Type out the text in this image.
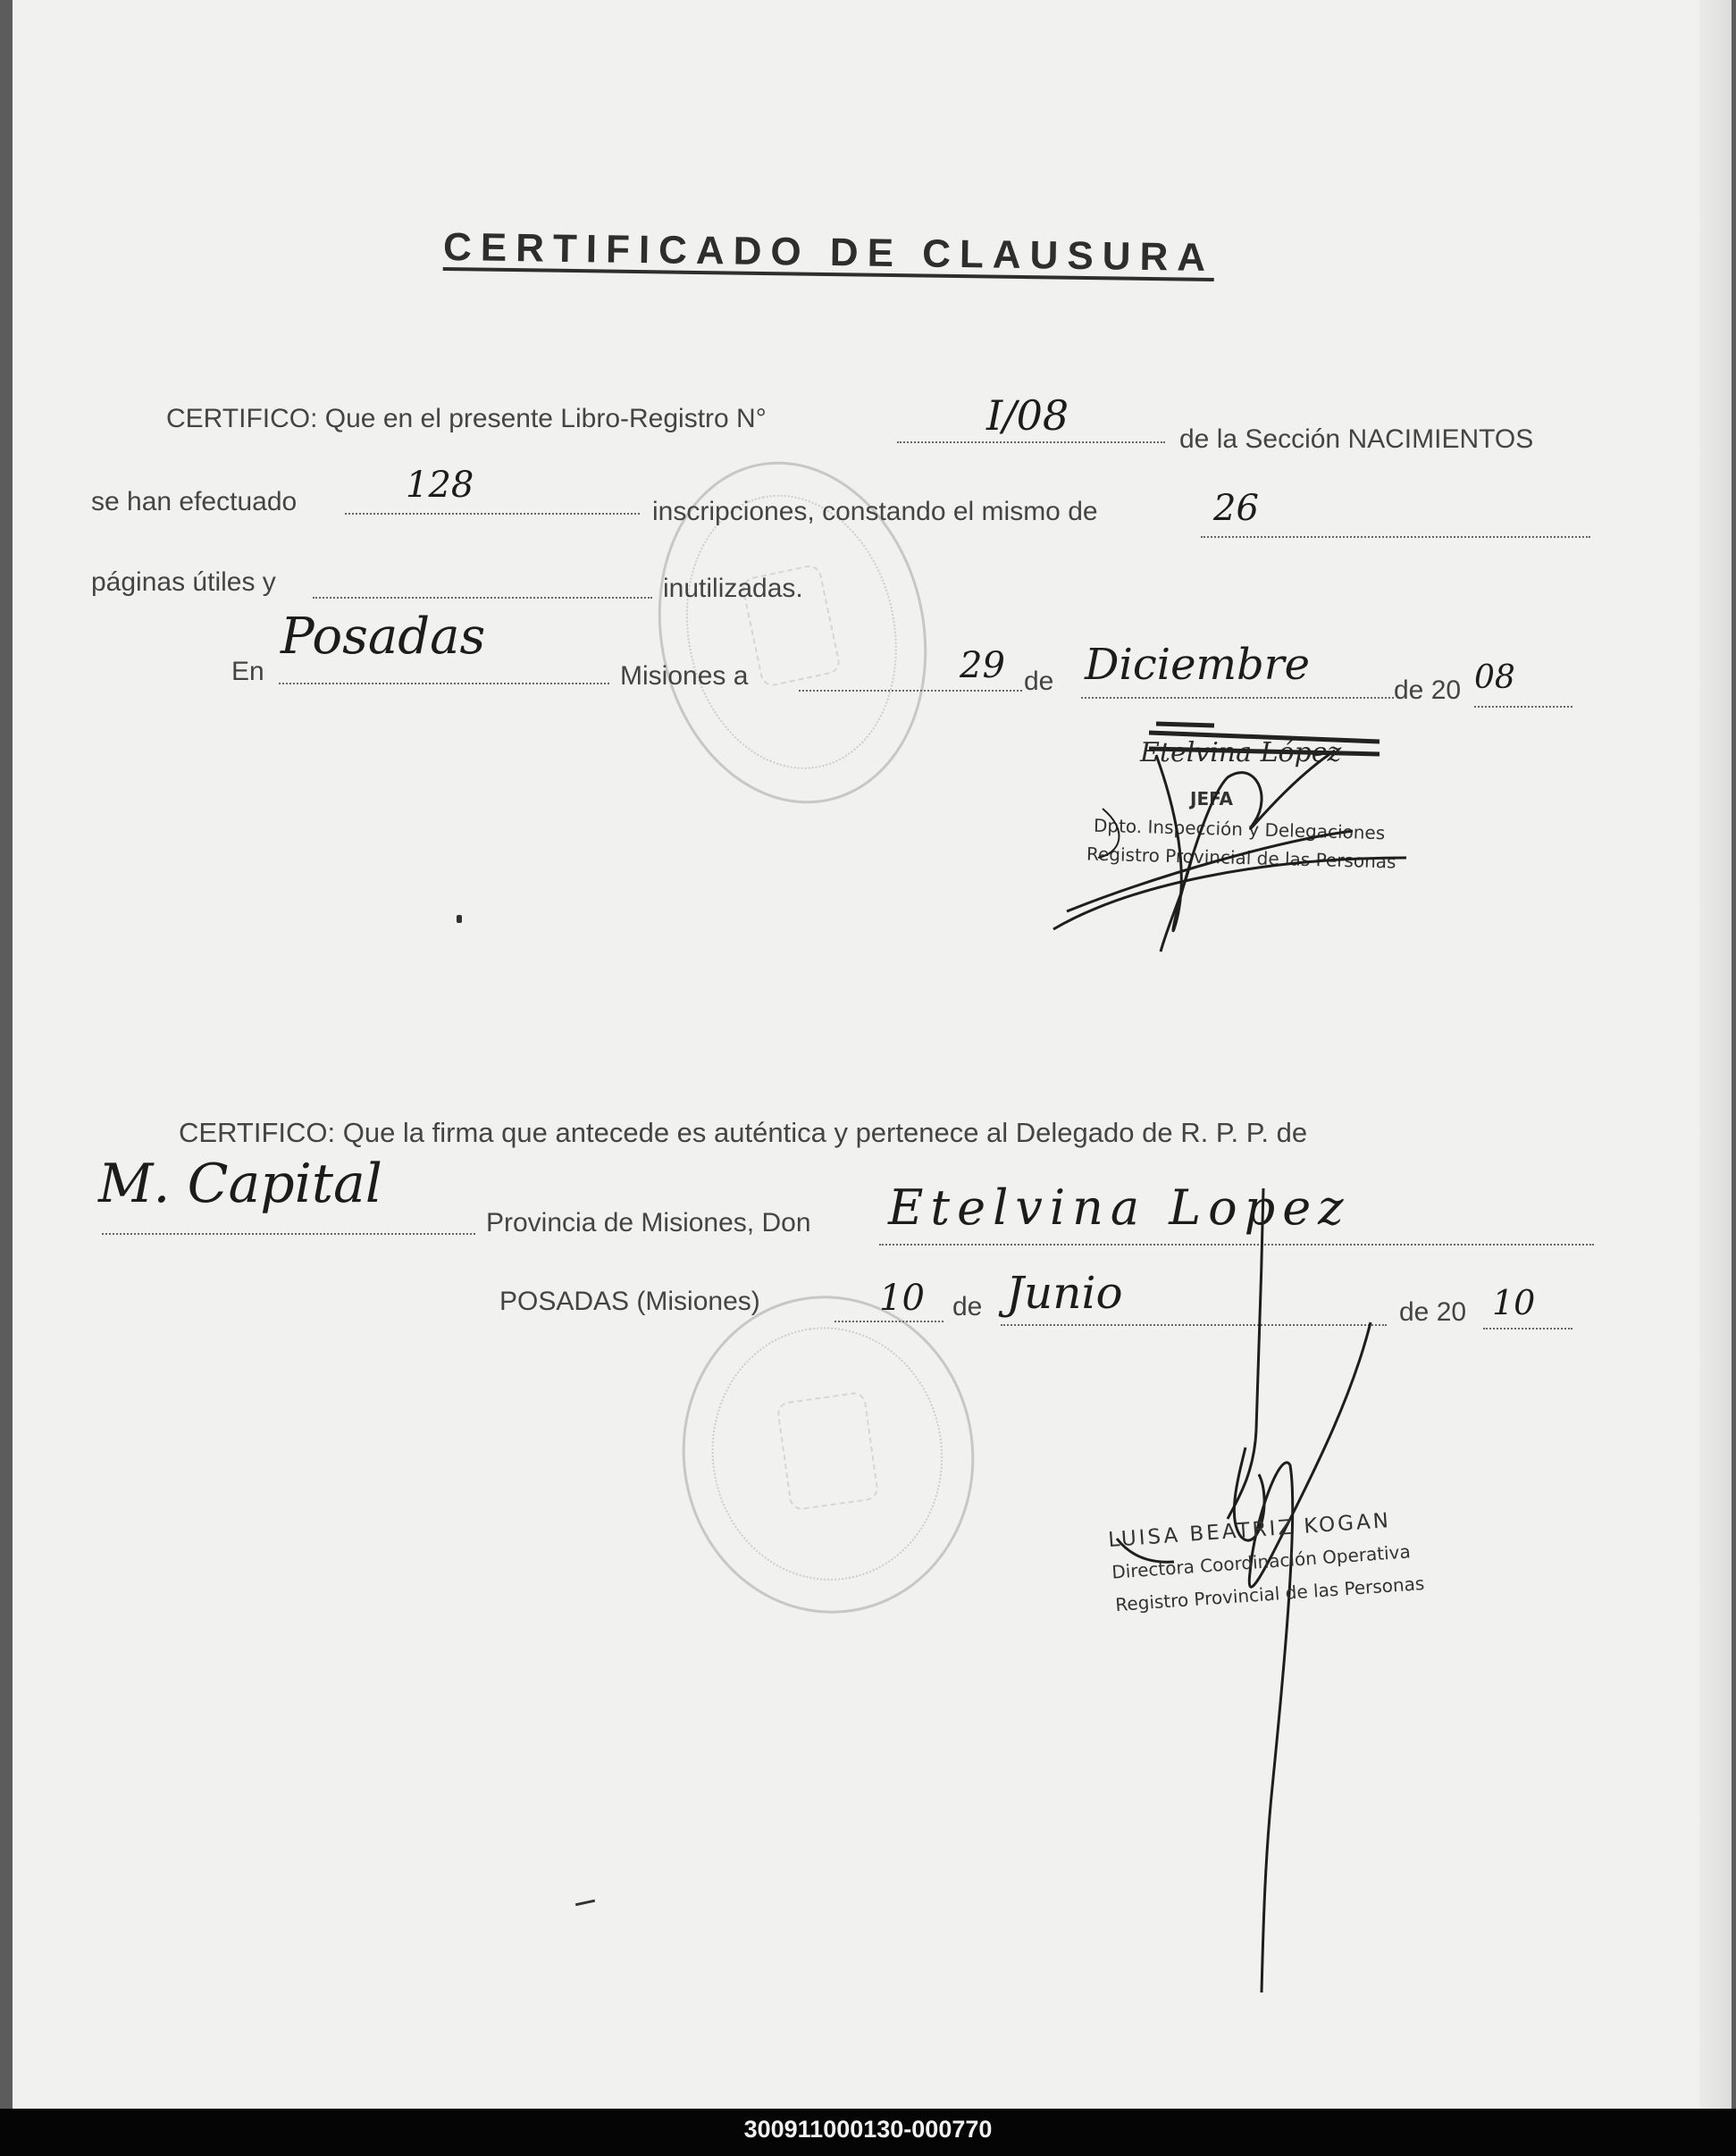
CERTIFICADO DE CLAUSURA
CERTIFICO: Que en el presente Libro-Registro N°	I/08	de la Sección NACIMIENTOS
se han efectuado	128
inscripciones, constando el mismo de	26
páginas útiles y	inutilizadas.
En
Posadas
Misiones a	29 de Diciembre
de 20 08
Etelvina López
JEFA
Dpto. Inspección y Delegaciones
Registro Provincial de las Personas
CERTIFICO: Que la firma que antecede es auténtica y pertenece al Delegado de R. P. P. de
M. Capital
Provincia de Misiones, Don Etelvina Lopez
POSADAS (Misiones)	10 de Junio	de 20 10
LUISA BEATRIZ KOGAN
Directora Coordinación Operativa
Registro Provincial de las Personas
300911000130-000770
